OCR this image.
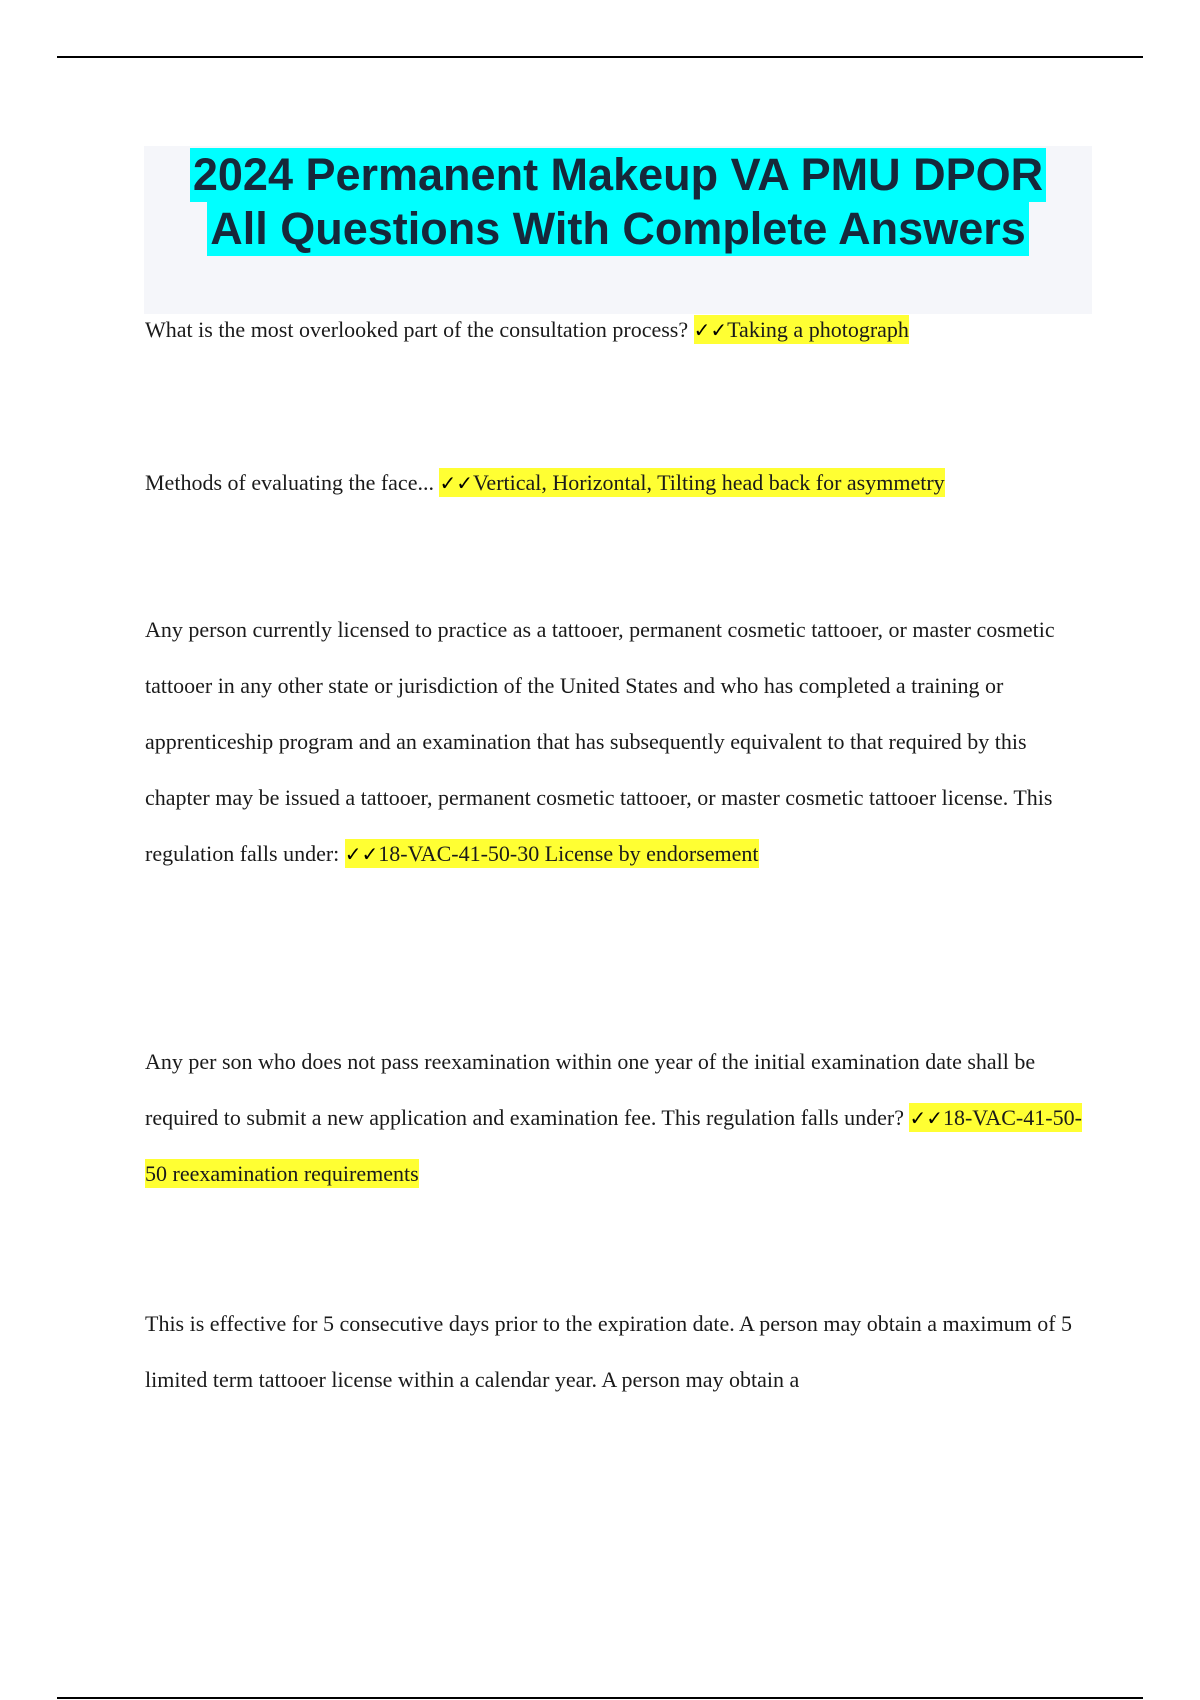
2024 Permanent Makeup VA PMU DPOR
All Questions With Complete Answers
What is the most overlooked part of the consultation process? ✓✓Taking a photograph
Methods of evaluating the face... ✓✓Vertical, Horizontal, Tilting head back for asymmetry
Any person currently licensed to practice as a tattooer, permanent cosmetic tattooer, or master cosmetic tattooer in any other state or jurisdiction of the United States and who has completed a training or apprenticeship program and an examination that has subsequently equivalent to that required by this chapter may be issued a tattooer, permanent cosmetic tattooer, or master cosmetic tattooer license. This regulation falls under: ✓✓18-VAC-41-50-30 License by endorsement
Any per son who does not pass reexamination within one year of the initial examination date shall be required to submit a new application and examination fee. This regulation falls under? ✓✓18-VAC-41-50-50 reexamination requirements
This is effective for 5 consecutive days prior to the expiration date. A person may obtain a maximum of 5 limited term tattooer license within a calendar year. A person may obtain a
